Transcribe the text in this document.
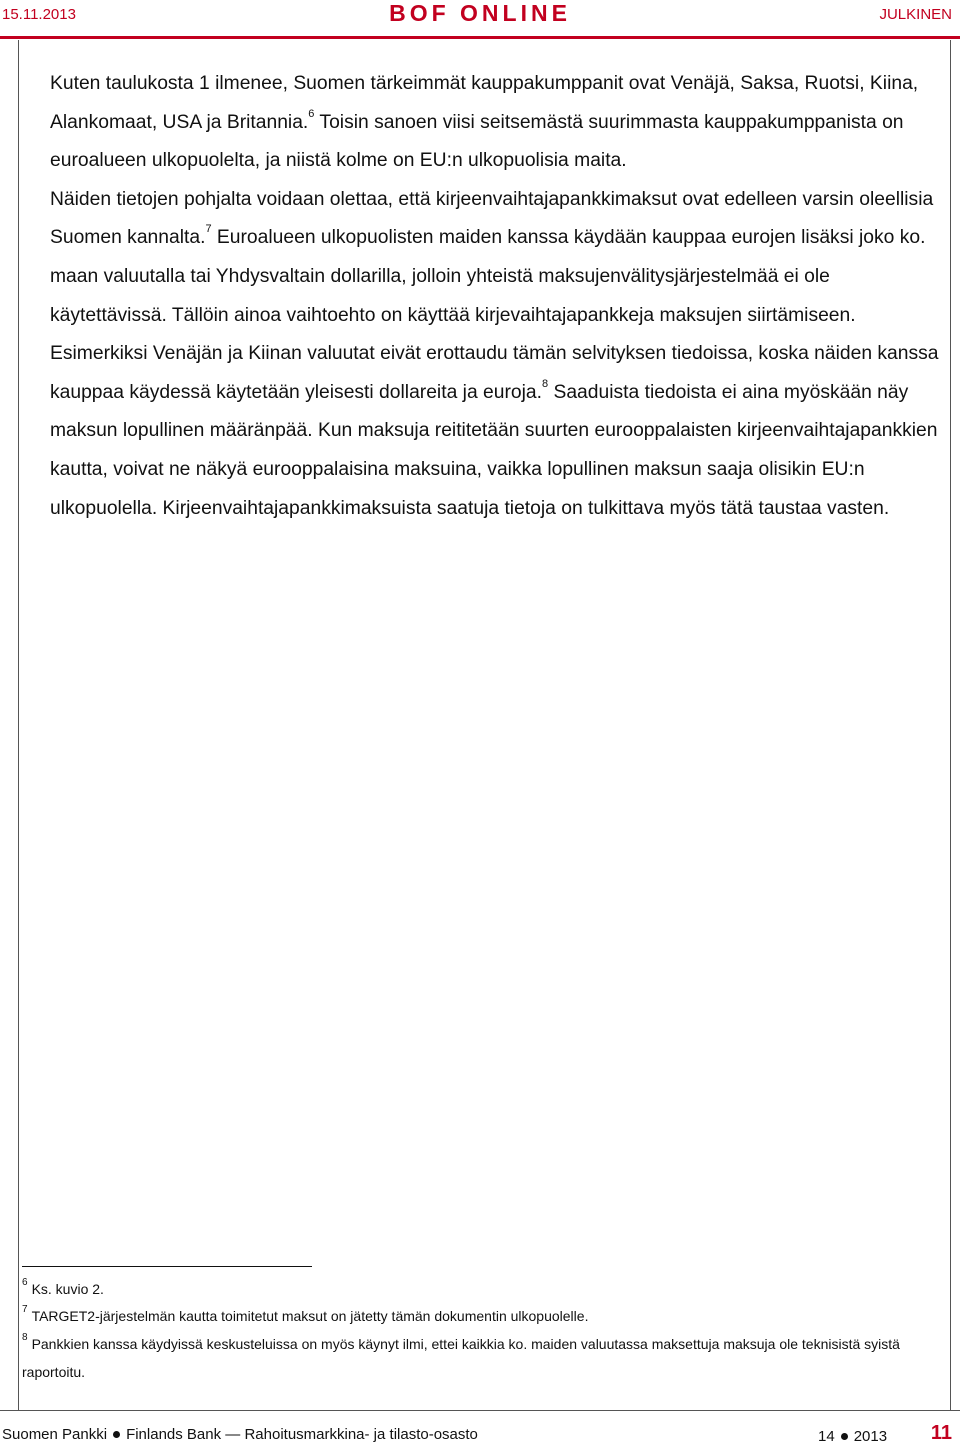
15.11.2013	BOF ONLINE	JULKINEN

Kuten taulukosta 1 ilmenee, Suomen tärkeimmät kauppakumppanit ovat Venäjä, Saksa, Ruotsi, Kiina, Alankomaat, USA ja Britannia.$^6$ Toisin sanoen viisi seitsemästä suurimmasta kauppakumppanista on euroalueen ulkopuolelta, ja niistä kolme on EU:n ulkopuolisia maita.

Näiden tietojen pohjalta voidaan olettaa, että kirjeenvaihtajapankkimaksut ovat edelleen varsin oleellisia Suomen kannalta.$^7$ Euroalueen ulkopuolisten maiden kanssa käydään kauppaa eurojen lisäksi joko ko. maan valuutalla tai Yhdysvaltain dollarilla, jolloin yhteistä maksujenvälitysjärjestelmää ei ole käytettävissä. Tällöin ainoa vaihtoehto on käyttää kirjevaihtajapankkeja maksujen siirtämiseen. Esimerkiksi Venäjän ja Kiinan valuutat eivät erottaudu tämän selvityksen tiedoissa, koska näiden kanssa kauppaa käydessä käytetään yleisesti dollareita ja euroja.$^8$ Saaduista tiedoista ei aina myöskään näy maksun lopullinen määränpää. Kun maksuja reititetään suurten eurooppalaisten kirjeenvaihtajapankkien kautta, voivat ne näkyä eurooppalaisina maksuina, vaikka lopullinen maksun saaja olisikin EU:n ulkopuolella. Kirjeenvaihtajapankkimaksuista saatuja tietoja on tulkittava myös tätä taustaa vasten.

$^6$ Ks. kuvio 2.
$^7$ TARGET2-järjestelmän kautta toimitetut maksut on jätetty tämän dokumentin ulkopuolelle.
$^8$ Pankkien kanssa käydyissä keskusteluissa on myös käynyt ilmi, ettei kaikkia ko. maiden valuutassa maksettuja maksuja ole teknisistä syistä raportoitu.
Suomen Pankki Finlands Bank — Rahoitusmarkkina- ja tilasto-osasto	14 2013 11
